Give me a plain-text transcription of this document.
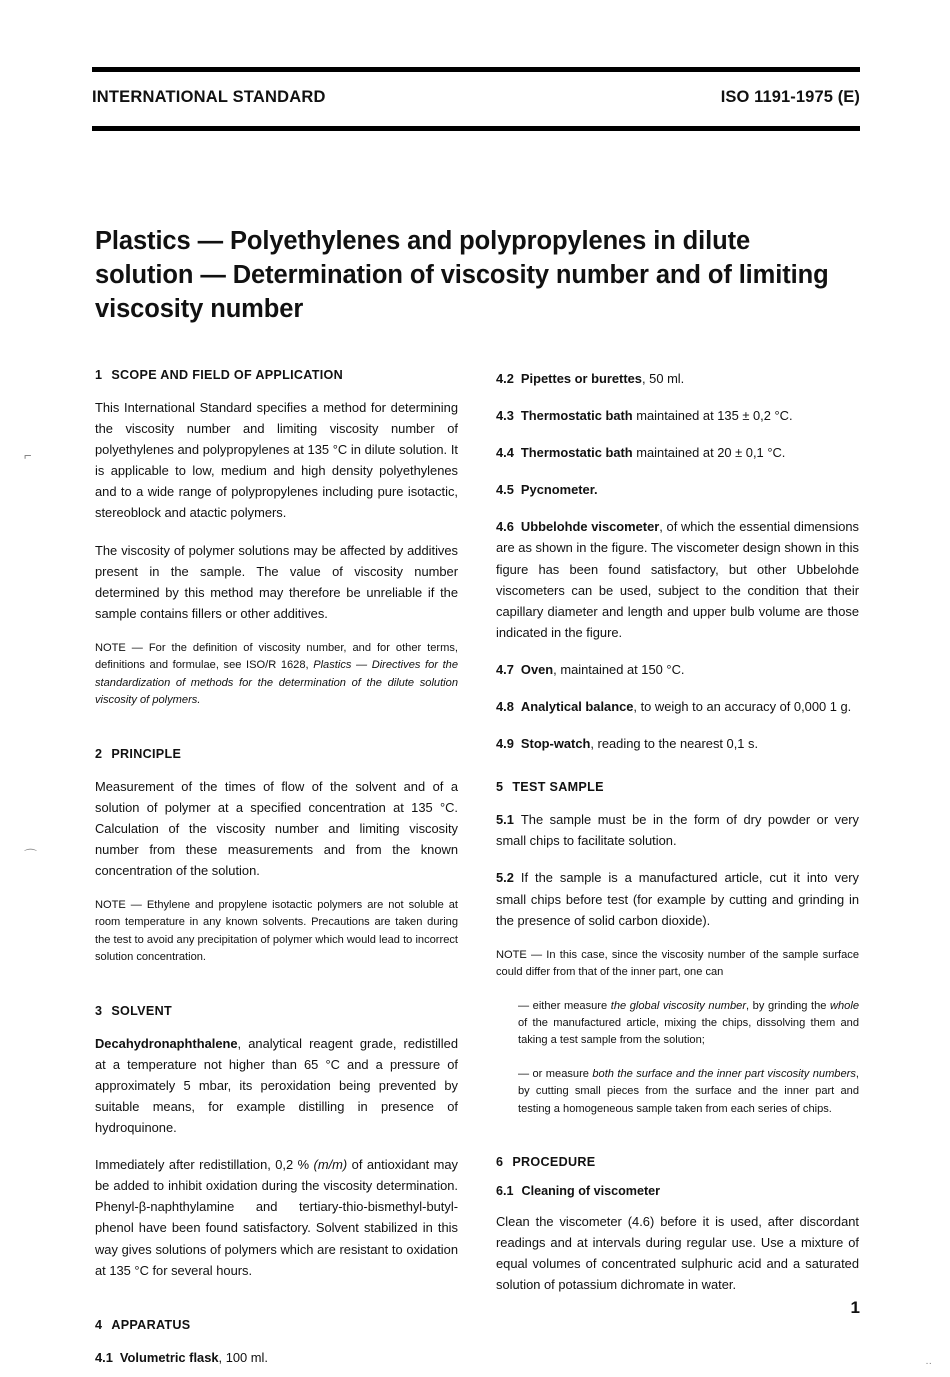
INTERNATIONAL STANDARD	ISO 1191-1975 (E)
Plastics — Polyethylenes and polypropylenes in dilute solution — Determination of viscosity number and of limiting viscosity number
1 SCOPE AND FIELD OF APPLICATION

This International Standard specifies a method for determining the viscosity number and limiting viscosity number of polyethylenes and polypropylenes at 135 °C in dilute solution. It is applicable to low, medium and high density polyethylenes and to a wide range of polypropylenes including pure isotactic, stereoblock and atactic polymers.

The viscosity of polymer solutions may be affected by additives present in the sample. The value of viscosity number determined by this method may therefore be unreliable if the sample contains fillers or other additives.

NOTE — For the definition of viscosity number, and for other terms, definitions and formulae, see ISO/R 1628, Plastics — Directives for the standardization of methods for the determination of the dilute solution viscosity of polymers.

2 PRINCIPLE

Measurement of the times of flow of the solvent and of a solution of polymer at a specified concentration at 135 °C. Calculation of the viscosity number and limiting viscosity number from these measurements and from the known concentration of the solution.

NOTE — Ethylene and propylene isotactic polymers are not soluble at room temperature in any known solvents. Precautions are taken during the test to avoid any precipitation of polymer which would lead to incorrect solution concentration.

3 SOLVENT

Decahydronaphthalene, analytical reagent grade, redistilled at a temperature not higher than 65 °C and a pressure of approximately 5 mbar, its peroxidation being prevented by suitable means, for example distilling in presence of hydroquinone.

Immediately after redistillation, 0,2 % (m/m) of antioxidant may be added to inhibit oxidation during the viscosity determination. Phenyl-β-naphthylamine and tertiary-thio-bismethyl-butyl-phenol have been found satisfactory. Solvent stabilized in this way gives solutions of polymers which are resistant to oxidation at 135 °C for several hours.

4 APPARATUS

4.1 Volumetric flask, 100 ml.

4.2 Pipettes or burettes, 50 ml.

4.3 Thermostatic bath maintained at 135 ± 0,2 °C.

4.4 Thermostatic bath maintained at 20 ± 0,1 °C.

4.5 Pycnometer.

4.6 Ubbelohde viscometer, of which the essential dimensions are as shown in the figure. The viscometer design shown in this figure has been found satisfactory, but other Ubbelohde viscometers can be used, subject to the condition that their capillary diameter and length and upper bulb volume are those indicated in the figure.

4.7 Oven, maintained at 150 °C.

4.8 Analytical balance, to weigh to an accuracy of 0,000 1 g.

4.9 Stop-watch, reading to the nearest 0,1 s.

5 TEST SAMPLE

5.1 The sample must be in the form of dry powder or very small chips to facilitate solution.

5.2 If the sample is a manufactured article, cut it into very small chips before test (for example by cutting and grinding in the presence of solid carbon dioxide).

NOTE — In this case, since the viscosity number of the sample surface could differ from that of the inner part, one can

— either measure the global viscosity number, by grinding the whole of the manufactured article, mixing the chips, dissolving them and taking a test sample from the solution;

— or measure both the surface and the inner part viscosity numbers, by cutting small pieces from the surface and the inner part and testing a homogeneous sample taken from each series of chips.

6 PROCEDURE
6.1 Cleaning of viscometer

Clean the viscometer (4.6) before it is used, after discordant readings and at intervals during regular use. Use a mixture of equal volumes of concentrated sulphuric acid and a saturated solution of potassium dichromate in water.

1
⌐
⌒
··
